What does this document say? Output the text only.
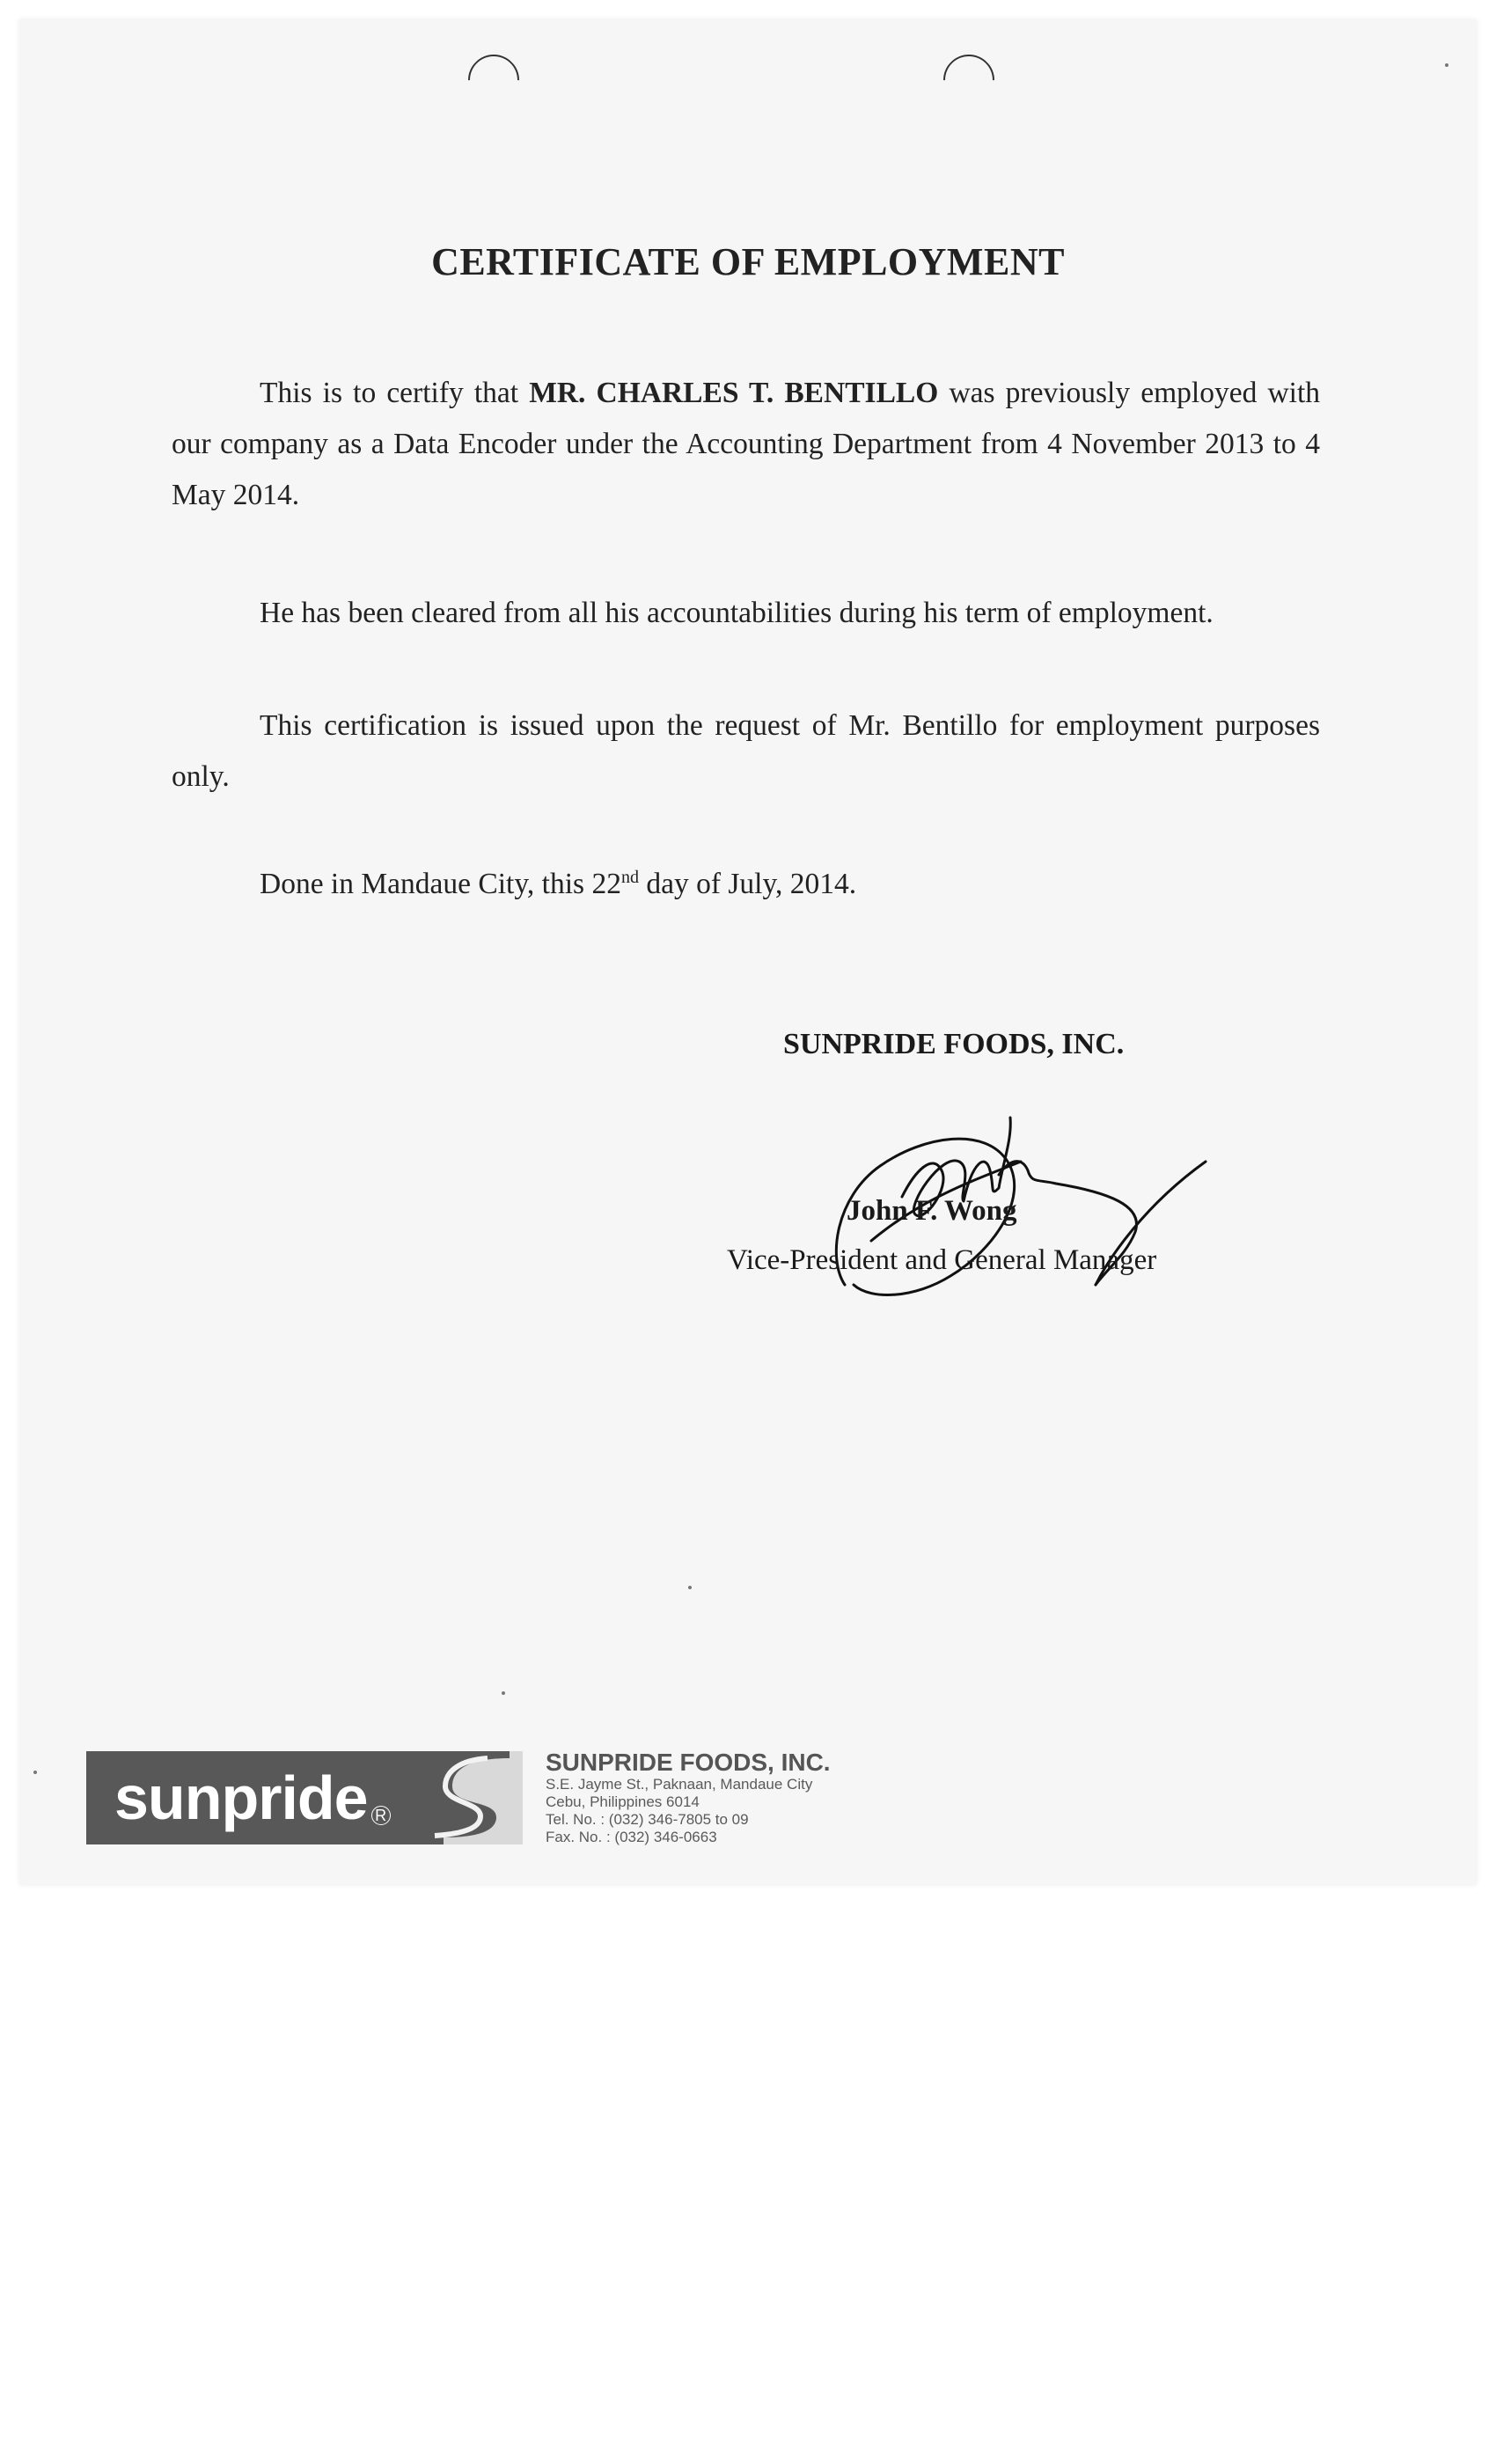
CERTIFICATE OF EMPLOYMENT
This is to certify that MR. CHARLES T. BENTILLO was previously employed with our company as a Data Encoder under the Accounting Department from 4 November 2013 to 4 May 2014.
He has been cleared from all his accountabilities during his term of employment.
This certification is issued upon the request of Mr. Bentillo for employment purposes only.
Done in Mandaue City, this 22nd day of July, 2014.
SUNPRIDE FOODS, INC.
John F. Wong
Vice-President and General Manager
sunpride R
SUNPRIDE FOODS, INC.
S.E. Jayme St., Paknaan, Mandaue City
Cebu, Philippines 6014
Tel. No. : (032) 346-7805 to 09
Fax. No. : (032) 346-0663
